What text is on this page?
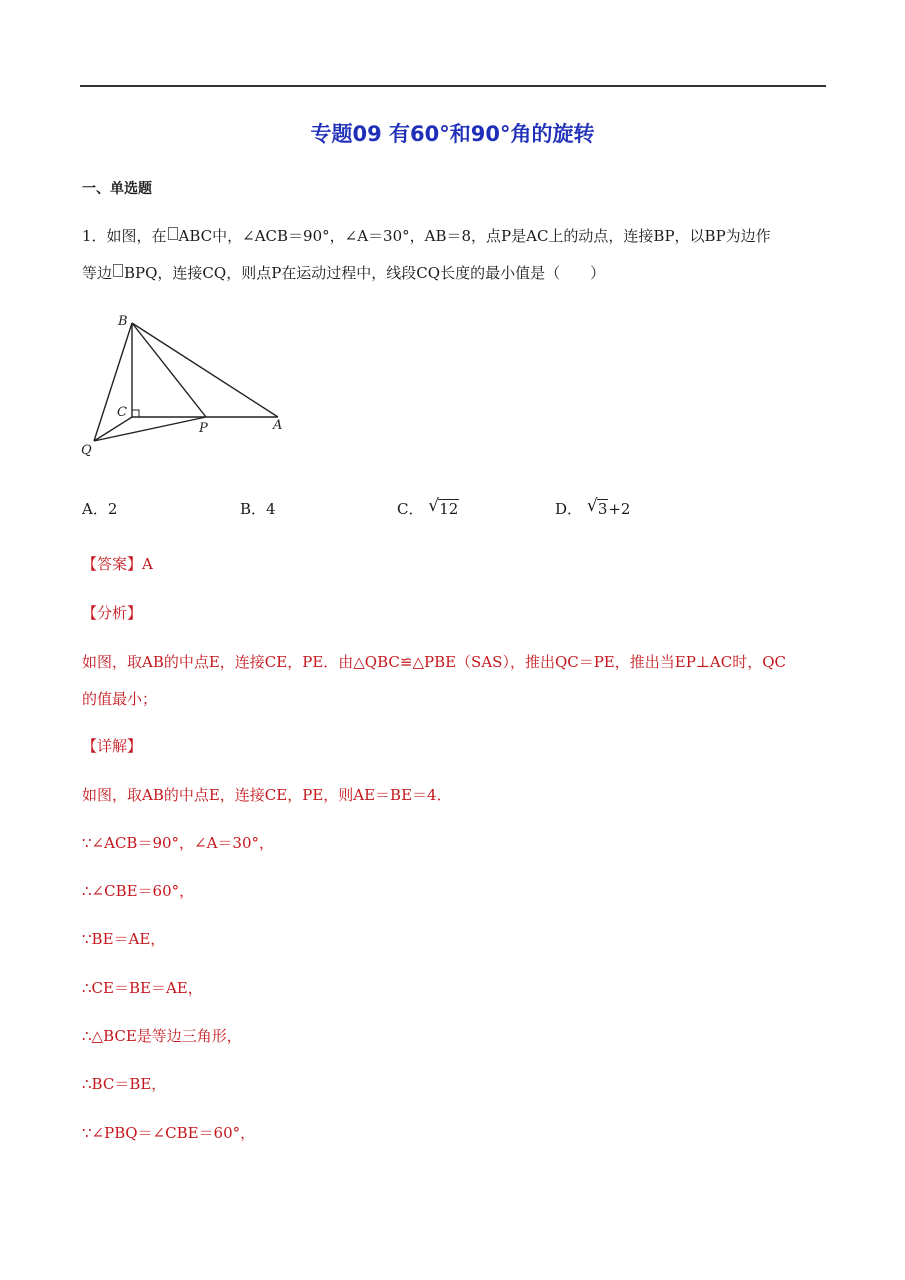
专题09 有60°和90°角的旋转
一、单选题
1．如图，在 ABC中，∠ACB＝90°，∠A＝30°，AB＝8，点P是AC上的动点，连接BP，以BP为边作
等边 BPQ，连接CQ，则点P在运动过程中，线段CQ长度的最小值是（　　）
B
C
P	A
Q
A．2	B．4	C． √ 12	D． √ 3+2
【答案】A
【分析】
如图，取AB的中点E，连接CE，PE．由△QBC≌△PBE（SAS），推出QC＝PE，推出当EP⊥AC时，QC
的值最小；
【详解】
如图，取AB的中点E，连接CE，PE，则AE＝BE＝4．
∵∠ACB＝90°，∠A＝30°，
∴∠CBE＝60°，
∵BE＝AE，
∴CE＝BE＝AE，
∴△BCE是等边三角形，
∴BC＝BE，
∵∠PBQ＝∠CBE＝60°，
